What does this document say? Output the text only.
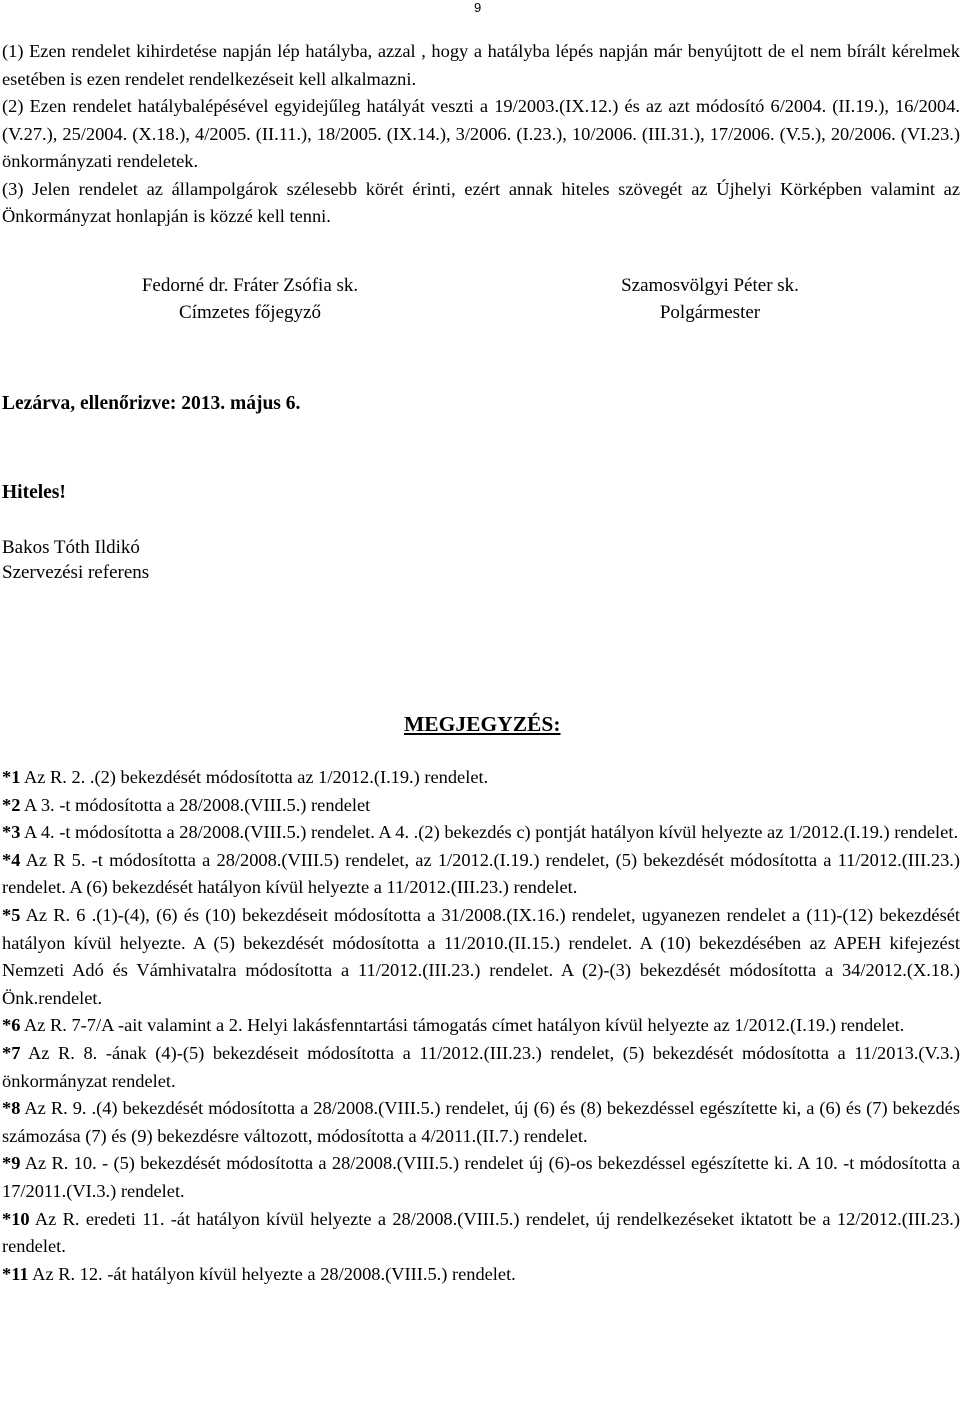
9

(1) Ezen rendelet kihirdetése napján lép hatályba, azzal , hogy a hatályba lépés napján már benyújtott de el nem bírált kérelmek esetében is ezen rendelet rendelkezéseit kell alkalmazni.

(2) Ezen rendelet hatálybalépésével egyidejűleg hatályát veszti a 19/2003.(IX.12.) és az azt módosító 6/2004. (II.19.), 16/2004. (V.27.), 25/2004. (X.18.), 4/2005. (II.11.), 18/2005. (IX.14.), 3/2006. (I.23.), 10/2006. (III.31.), 17/2006. (V.5.), 20/2006. (VI.23.) önkormányzati rendeletek.

(3) Jelen rendelet az állampolgárok szélesebb körét érinti, ezért annak hiteles szövegét az Újhelyi Körképben valamint az Önkormányzat honlapján is közzé kell tenni.

Fedorné dr. Fráter Zsófia sk.
Címzetes főjegyző
Szamosvölgyi Péter sk.
Polgármester
Lezárva, ellenőrizve: 2013. május 6.
Hiteles!
Bakos Tóth Ildikó
Szervezési referens
MEGJEGYZÉS:

*1 Az R. 2. .(2) bekezdését módosította az 1/2012.(I.19.) rendelet.

*2 A 3. -t módosította a 28/2008.(VIII.5.) rendelet

*3 A 4. -t módosította a 28/2008.(VIII.5.) rendelet. A 4. .(2) bekezdés c) pontját hatályon kívül helyezte az 1/2012.(I.19.) rendelet.

*4 Az R 5. -t módosította a 28/2008.(VIII.5) rendelet, az 1/2012.(I.19.) rendelet, (5) bekezdését módosította a 11/2012.(III.23.) rendelet. A (6) bekezdését hatályon kívül helyezte a 11/2012.(III.23.) rendelet.

*5 Az R. 6 .(1)-(4), (6) és (10) bekezdéseit módosította a 31/2008.(IX.16.) rendelet, ugyanezen rendelet a (11)-(12) bekezdését hatályon kívül helyezte. A (5) bekezdését módosította a 11/2010.(II.15.) rendelet. A (10) bekezdésében az APEH kifejezést Nemzeti Adó és Vámhivatalra módosította a 11/2012.(III.23.) rendelet. A (2)-(3) bekezdését módosította a 34/2012.(X.18.) Önk.rendelet.

*6 Az R. 7-7/A -ait valamint a 2. Helyi lakásfenntartási támogatás címet hatályon kívül helyezte az 1/2012.(I.19.) rendelet.

*7 Az R. 8. -ának (4)-(5) bekezdéseit módosította a 11/2012.(III.23.) rendelet, (5) bekezdését módosította a 11/2013.(V.3.) önkormányzat rendelet.

*8 Az R. 9. .(4) bekezdését módosította a 28/2008.(VIII.5.) rendelet, új (6) és (8) bekezdéssel egészítette ki, a (6) és (7) bekezdés számozása (7) és (9) bekezdésre változott, módosította a 4/2011.(II.7.) rendelet.

*9 Az R. 10. - (5) bekezdését módosította a 28/2008.(VIII.5.) rendelet új (6)-os bekezdéssel egészítette ki. A 10. -t módosította a 17/2011.(VI.3.) rendelet.

*10 Az R. eredeti 11. -át hatályon kívül helyezte a 28/2008.(VIII.5.) rendelet, új rendelkezéseket iktatott be a 12/2012.(III.23.) rendelet.

*11 Az R. 12. -át hatályon kívül helyezte a 28/2008.(VIII.5.) rendelet.
